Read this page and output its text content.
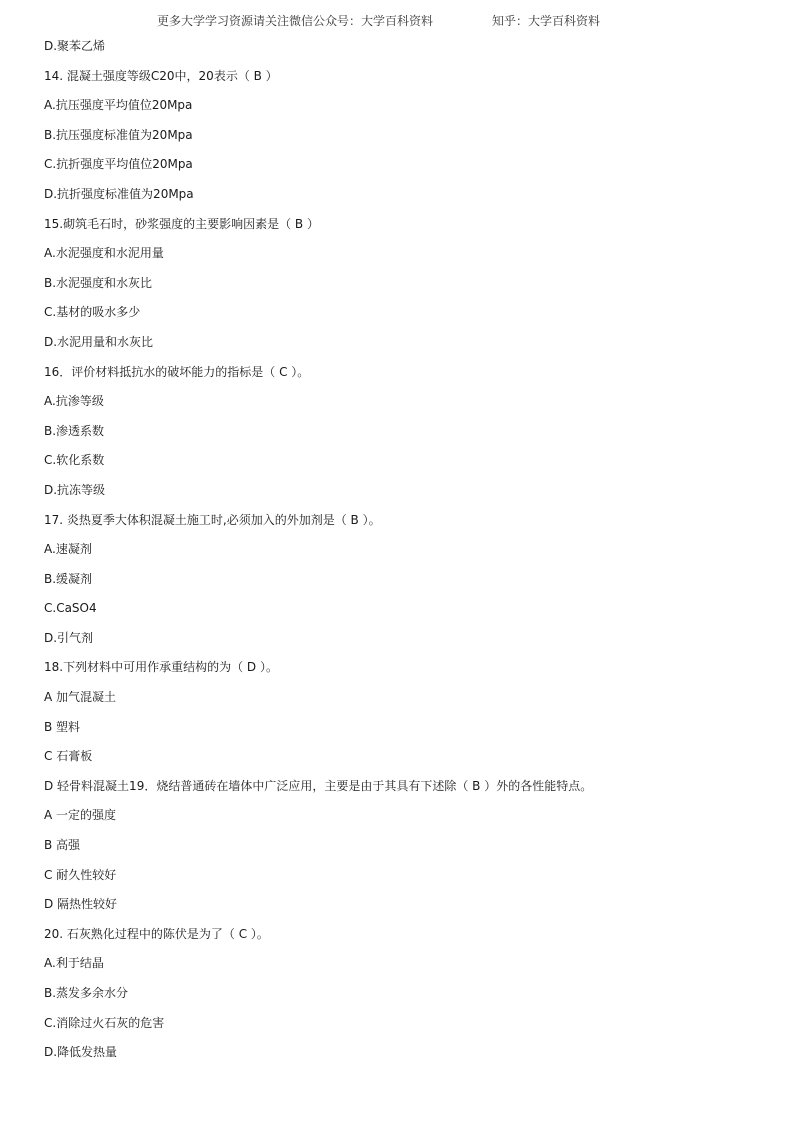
更多大学学习资源请关注微信公众号：大学百科资料	知乎：大学百科资料
D.聚苯乙烯
14. 混凝土强度等级C20中，20表示（ B ）
A.抗压强度平均值位20Mpa
B.抗压强度标准值为20Mpa
C.抗折强度平均值位20Mpa
D.抗折强度标准值为20Mpa
15.砌筑毛石时，砂浆强度的主要影响因素是（ B ）
A.水泥强度和水泥用量
B.水泥强度和水灰比
C.基材的吸水多少
D.水泥用量和水灰比
16．评价材料抵抗水的破坏能力的指标是（ C ）。
A.抗渗等级
B.渗透系数
C.软化系数
D.抗冻等级
17. 炎热夏季大体积混凝土施工时,必须加入的外加剂是（ B ）。
A.速凝剂
B.缓凝剂
C.CaSO4
D.引气剂
18.下列材料中可用作承重结构的为（ D ）。
A 加气混凝土
B 塑料
C 石膏板
D 轻骨料混凝土19．烧结普通砖在墙体中广泛应用，主要是由于其具有下述除（ B ）外的各性能特点。
A 一定的强度
B 高强
C 耐久性较好
D 隔热性较好
20. 石灰熟化过程中的陈伏是为了（ C ）。
A.利于结晶
B.蒸发多余水分
C.消除过火石灰的危害
D.降低发热量
